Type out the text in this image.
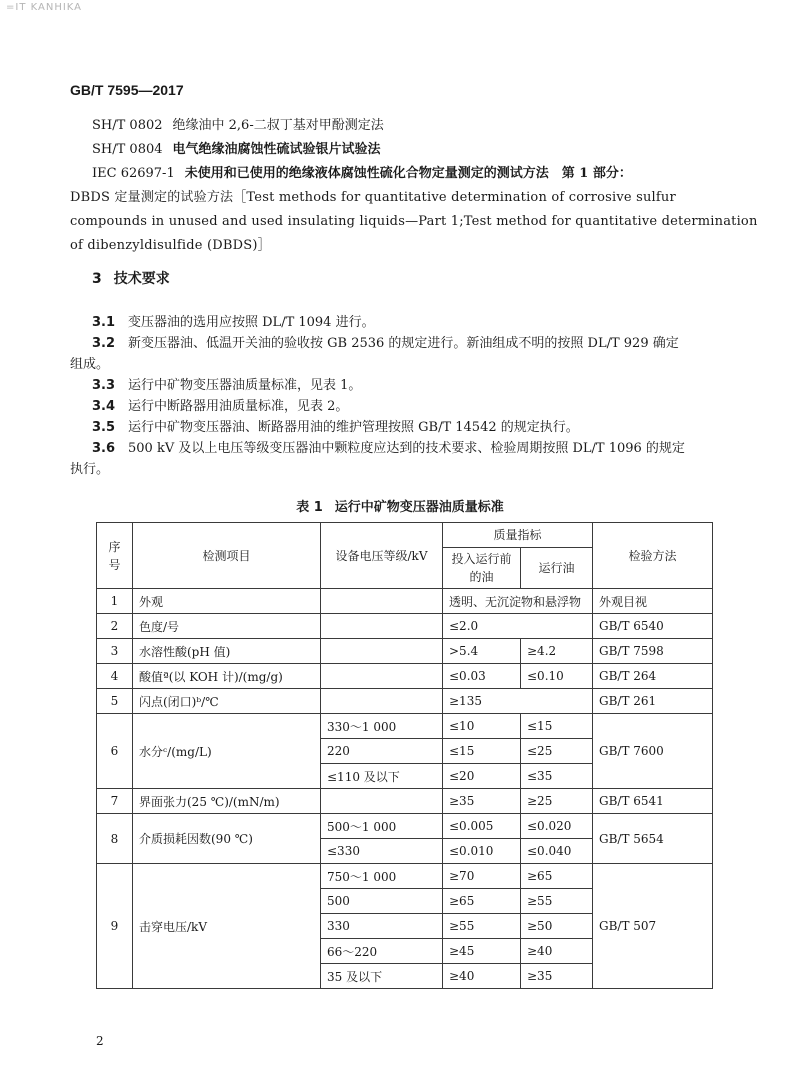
=IT KANHIKA
GB/T 7595—2017
SH/T 0802 绝缘油中 2,6-二叔丁基对甲酚测定法
SH/T 0804 电气绝缘油腐蚀性硫试验银片试验法
IEC 62697-1 未使用和已使用的绝缘液体腐蚀性硫化合物定量测定的测试方法　第 1 部分：
DBDS 定量测定的试验方法［Test methods for quantitative determination of corrosive sulfur
compounds in unused and used insulating liquids—Part 1;Test method for quantitative determination
of dibenzyldisulfide (DBDS)］
3 技术要求
3.1 变压器油的选用应按照 DL/T 1094 进行。
3.2 新变压器油、低温开关油的验收按 GB 2536 的规定进行。新油组成不明的按照 DL/T 929 确定
组成。
3.3 运行中矿物变压器油质量标准，见表 1。
3.4 运行中断路器用油质量标准，见表 2。
3.5 运行中矿物变压器油、断路器用油的维护管理按照 GB/T 14542 的规定执行。
3.6 500 kV 及以上电压等级变压器油中颗粒度应达到的技术要求、检验周期按照 DL/T 1096 的规定
执行。
表 1 运行中矿物变压器油质量标准
序号	检测项目	设备电压等级/kV	质量指标		检验方法
			投入运行前的油	运行油	
1	外观		透明、无沉淀物和悬浮物		外观目视
2	色度/号		≤2.0		GB/T 6540
3	水溶性酸(pH 值)		>5.4	≥4.2	GB/T 7598
4	酸值ª(以 KOH 计)/(mg/g)		≤0.03	≤0.10	GB/T 264
5	闪点(闭口)ᵇ/℃		≥135		GB/T 261
6	水分ᶜ/(mg/L)	330～1 000	≤10	≤15	GB/T 7600
		220	≤15	≤25	
		≤110 及以下	≤20	≤35	
7	界面张力(25 ℃)/(mN/m)		≥35	≥25	GB/T 6541
8	介质损耗因数(90 ℃)	500～1 000	≤0.005	≤0.020	GB/T 5654
		≤330	≤0.010	≤0.040	
9	击穿电压/kV	750～1 000	≥70	≥65	GB/T 507
		500	≥65	≥55	
		330	≥55	≥50	
		66～220	≥45	≥40	
		35 及以下	≥40	≥35	
2
